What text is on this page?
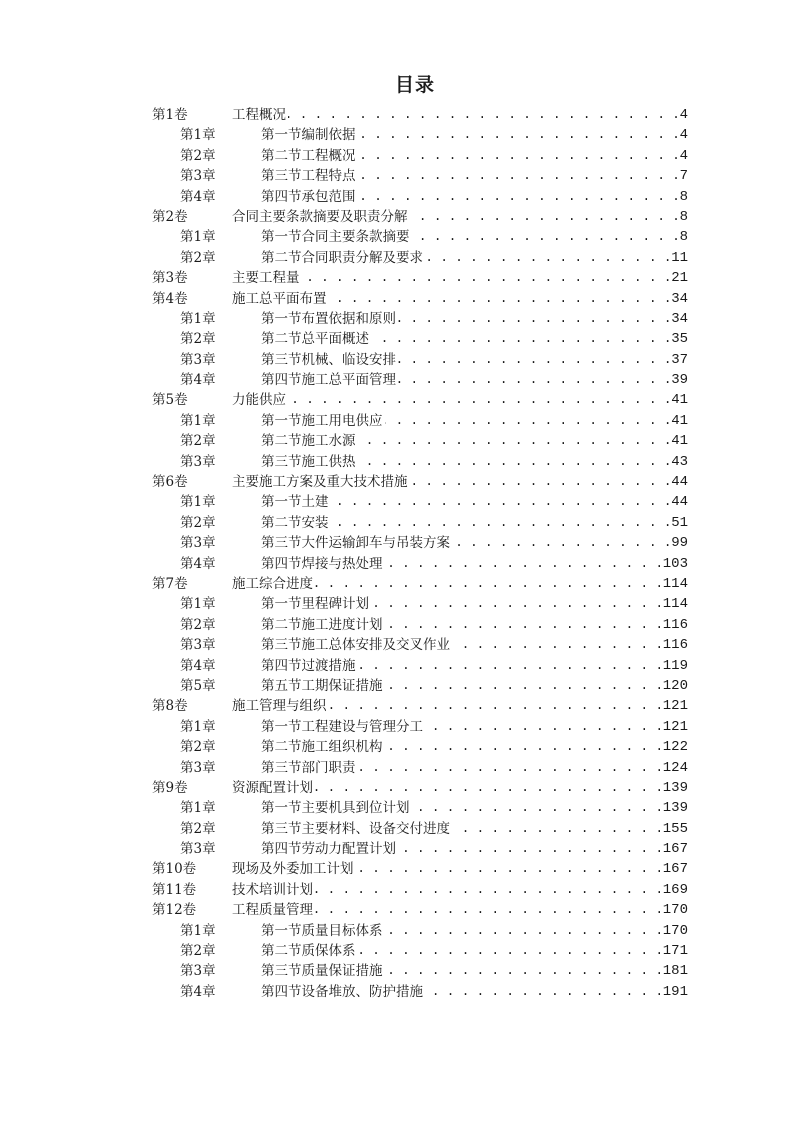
目录
第1卷	工程概况 . . .	4
第1章	第一节编制依据 . . .	4
第2章	第二节工程概况 . . .	4
第3章	第三节工程特点 . . .	7
第4章	第四节承包范围 . . .	8
第2卷	合同主要条款摘要及职责分解 . . .	8
第1章	第一节合同主要条款摘要 . . .	8
第2章	第二节合同职责分解及要求 . . .	11
第3卷	主要工程量 . . .	21
第4卷	施工总平面布置 . . .	34
第1章	第一节布置依据和原则 . . .	34
第2章	第二节总平面概述 . . .	35
第3章	第三节机械、临设安排 . . .	37
第4章	第四节施工总平面管理 . . .	39
第5卷	力能供应 . . .	41
第1章	第一节施工用电供应 . . .	41
第2章	第二节施工水源 . . .	41
第3章	第三节施工供热 . . .	43
第6卷	主要施工方案及重大技术措施 . . .	44
第1章	第一节土建 . . .	44
第2章	第二节安装 . . .	51
第3章	第三节大件运输卸车与吊装方案 . . .	99
第4章	第四节焊接与热处理 . . .	103
第7卷	施工综合进度 . . .	114
第1章	第一节里程碑计划 . . .	114
第2章	第二节施工进度计划 . . .	116
第3章	第三节施工总体安排及交叉作业 . . .	116
第4章	第四节过渡措施 . . .	119
第5章	第五节工期保证措施 . . .	120
第8卷	施工管理与组织 . . .	121
第1章	第一节工程建设与管理分工 . . .	121
第2章	第二节施工组织机构 . . .	122
第3章	第三节部门职责 . . .	124
第9卷	资源配置计划 . . .	139
第1章	第一节主要机具到位计划 . . .	139
第2章	第三节主要材料、设备交付进度 . . .	155
第3章	第四节劳动力配置计划 . . .	167
第10卷	现场及外委加工计划 . . .	167
第11卷	技术培训计划 . . .	169
第12卷	工程质量管理 . . .	170
第1章	第一节质量目标体系 . . .	170
第2章	第二节质保体系 . . .	171
第3章	第三节质量保证措施 . . .	181
第4章	第四节设备堆放、防护措施 . . .	191
